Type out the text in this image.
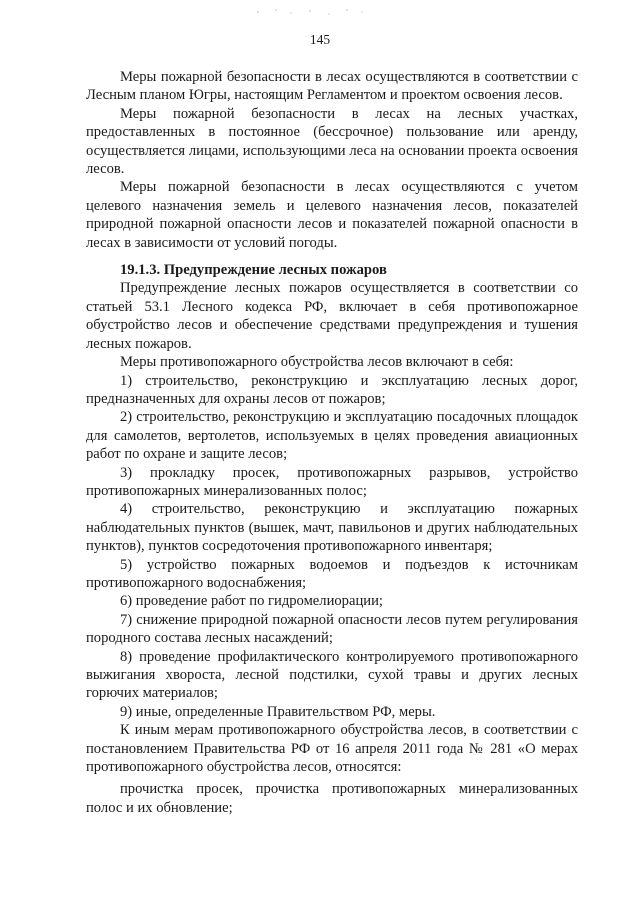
145

Меры пожарной безопасности в лесах осуществляются в соответствии с Лесным планом Югры, настоящим Регламентом и проектом освоения лесов.

Меры пожарной безопасности в лесах на лесных участках, предоставленных в постоянное (бессрочное) пользование или аренду, осуществляется лицами, использующими леса на основании проекта освоения лесов.

Меры пожарной безопасности в лесах осуществляются с учетом целевого назначения земель и целевого назначения лесов, показателей природной пожарной опасности лесов и показателей пожарной опасности в лесах в зависимости от условий погоды.

19.1.3. Предупреждение лесных пожаров

Предупреждение лесных пожаров осуществляется в соответствии со статьей 53.1 Лесного кодекса РФ, включает в себя противопожарное обустройство лесов и обеспечение средствами предупреждения и тушения лесных пожаров.

Меры противопожарного обустройства лесов включают в себя:

1) строительство, реконструкцию и эксплуатацию лесных дорог, предназначенных для охраны лесов от пожаров;

2) строительство, реконструкцию и эксплуатацию посадочных площадок для самолетов, вертолетов, используемых в целях проведения авиационных работ по охране и защите лесов;

3) прокладку просек, противопожарных разрывов, устройство противопожарных минерализованных полос;

4) строительство, реконструкцию и эксплуатацию пожарных наблюдательных пунктов (вышек, мачт, павильонов и других наблюдательных пунктов), пунктов сосредоточения противопожарного инвентаря;

5) устройство пожарных водоемов и подъездов к источникам противопожарного водоснабжения;

6) проведение работ по гидромелиорации;

7) снижение природной пожарной опасности лесов путем регулирования породного состава лесных насаждений;

8) проведение профилактического контролируемого противопожарного выжигания хвороста, лесной подстилки, сухой травы и других лесных горючих материалов;

9) иные, определенные Правительством РФ, меры.

К иным мерам противопожарного обустройства лесов, в соответствии с постановлением Правительства РФ от 16 апреля 2011 года № 281 «О мерах противопожарного обустройства лесов, относятся:

прочистка просек, прочистка противопожарных минерализованных полос и их обновление;
